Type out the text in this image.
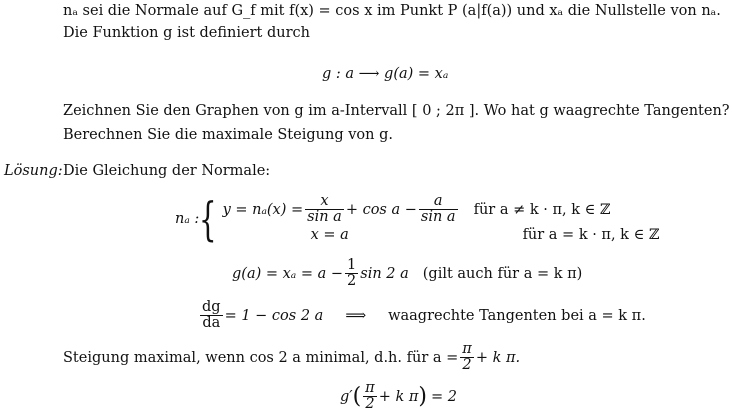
nₐ sei die Normale auf G_f mit f(x) = cos x im Punkt P (a|f(a)) und xₐ die Nullstelle von nₐ.
Die Funktion g ist definiert durch
g : a ⟶ g(a) = xₐ
Zeichnen Sie den Graphen von g im a-Intervall [ 0 ; 2π ]. Wo hat g waagrechte Tangenten?
Berechnen Sie die maximale Steigung von g.
Lösung: Die Gleichung der Normale:
nₐ : { $y = n_a(x) = \frac{x}{\text{sin a}} + \cos a - \frac{a}{\text{sin a}}$ für a ≠ k · π, k ∈ ℤ
x = a	für a = k · π, k ∈ ℤ
$g(a) = x_a = a - \frac{1}{2}$ sin 2 a (gilt auch für a = k π)
$\frac{dg}{da} = 1 - \cos 2$ a ⟹ waagrechte Tangenten bei a = k π.
Steigung maximal, wenn cos 2 a minimal, d.h. für $a = \frac{\pi}{2} + k$ π.
g′ ( $\frac{\pi}{2} + k$ π ) = 2
